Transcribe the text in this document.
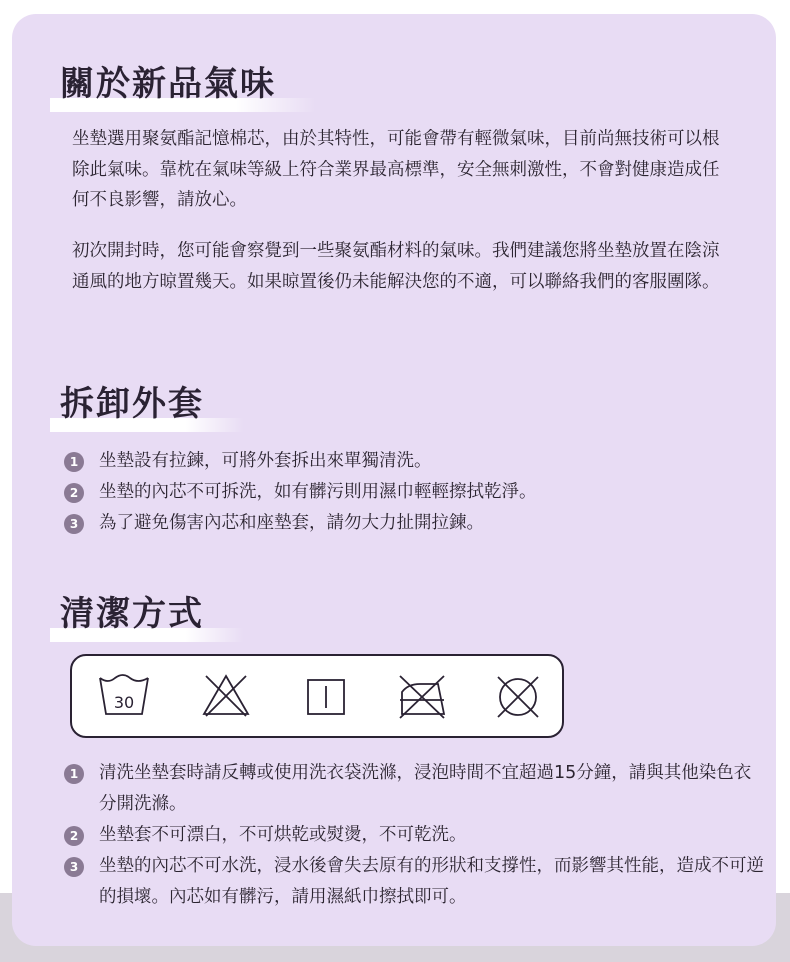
關於新品氣味

坐墊選用聚氨酯記憶棉芯，由於其特性，可能會帶有輕微氣味，目前尚無技術可以根除此氣味。靠枕在氣味等級上符合業界最高標準，安全無刺激性，不會對健康造成任何不良影響，請放心。

初次開封時，您可能會察覺到一些聚氨酯材料的氣味。我們建議您將坐墊放置在陰涼通風的地方晾置幾天。如果晾置後仍未能解決您的不適，可以聯絡我們的客服團隊。

拆卸外套
1	坐墊設有拉鍊，可將外套拆出來單獨清洗。
2	坐墊的內芯不可拆洗，如有髒污則用濕巾輕輕擦拭乾淨。
3	為了避免傷害內芯和座墊套，請勿大力扯開拉鍊。
清潔方式
30
1	清洗坐墊套時請反轉或使用洗衣袋洗滌，浸泡時間不宜超過15分鐘，請與其他染色衣分開洗滌。
2	坐墊套不可漂白，不可烘乾或熨燙，不可乾洗。
3	坐墊的內芯不可水洗，浸水後會失去原有的形狀和支撐性，而影響其性能，造成不可逆的損壞。內芯如有髒污，請用濕紙巾擦拭即可。
